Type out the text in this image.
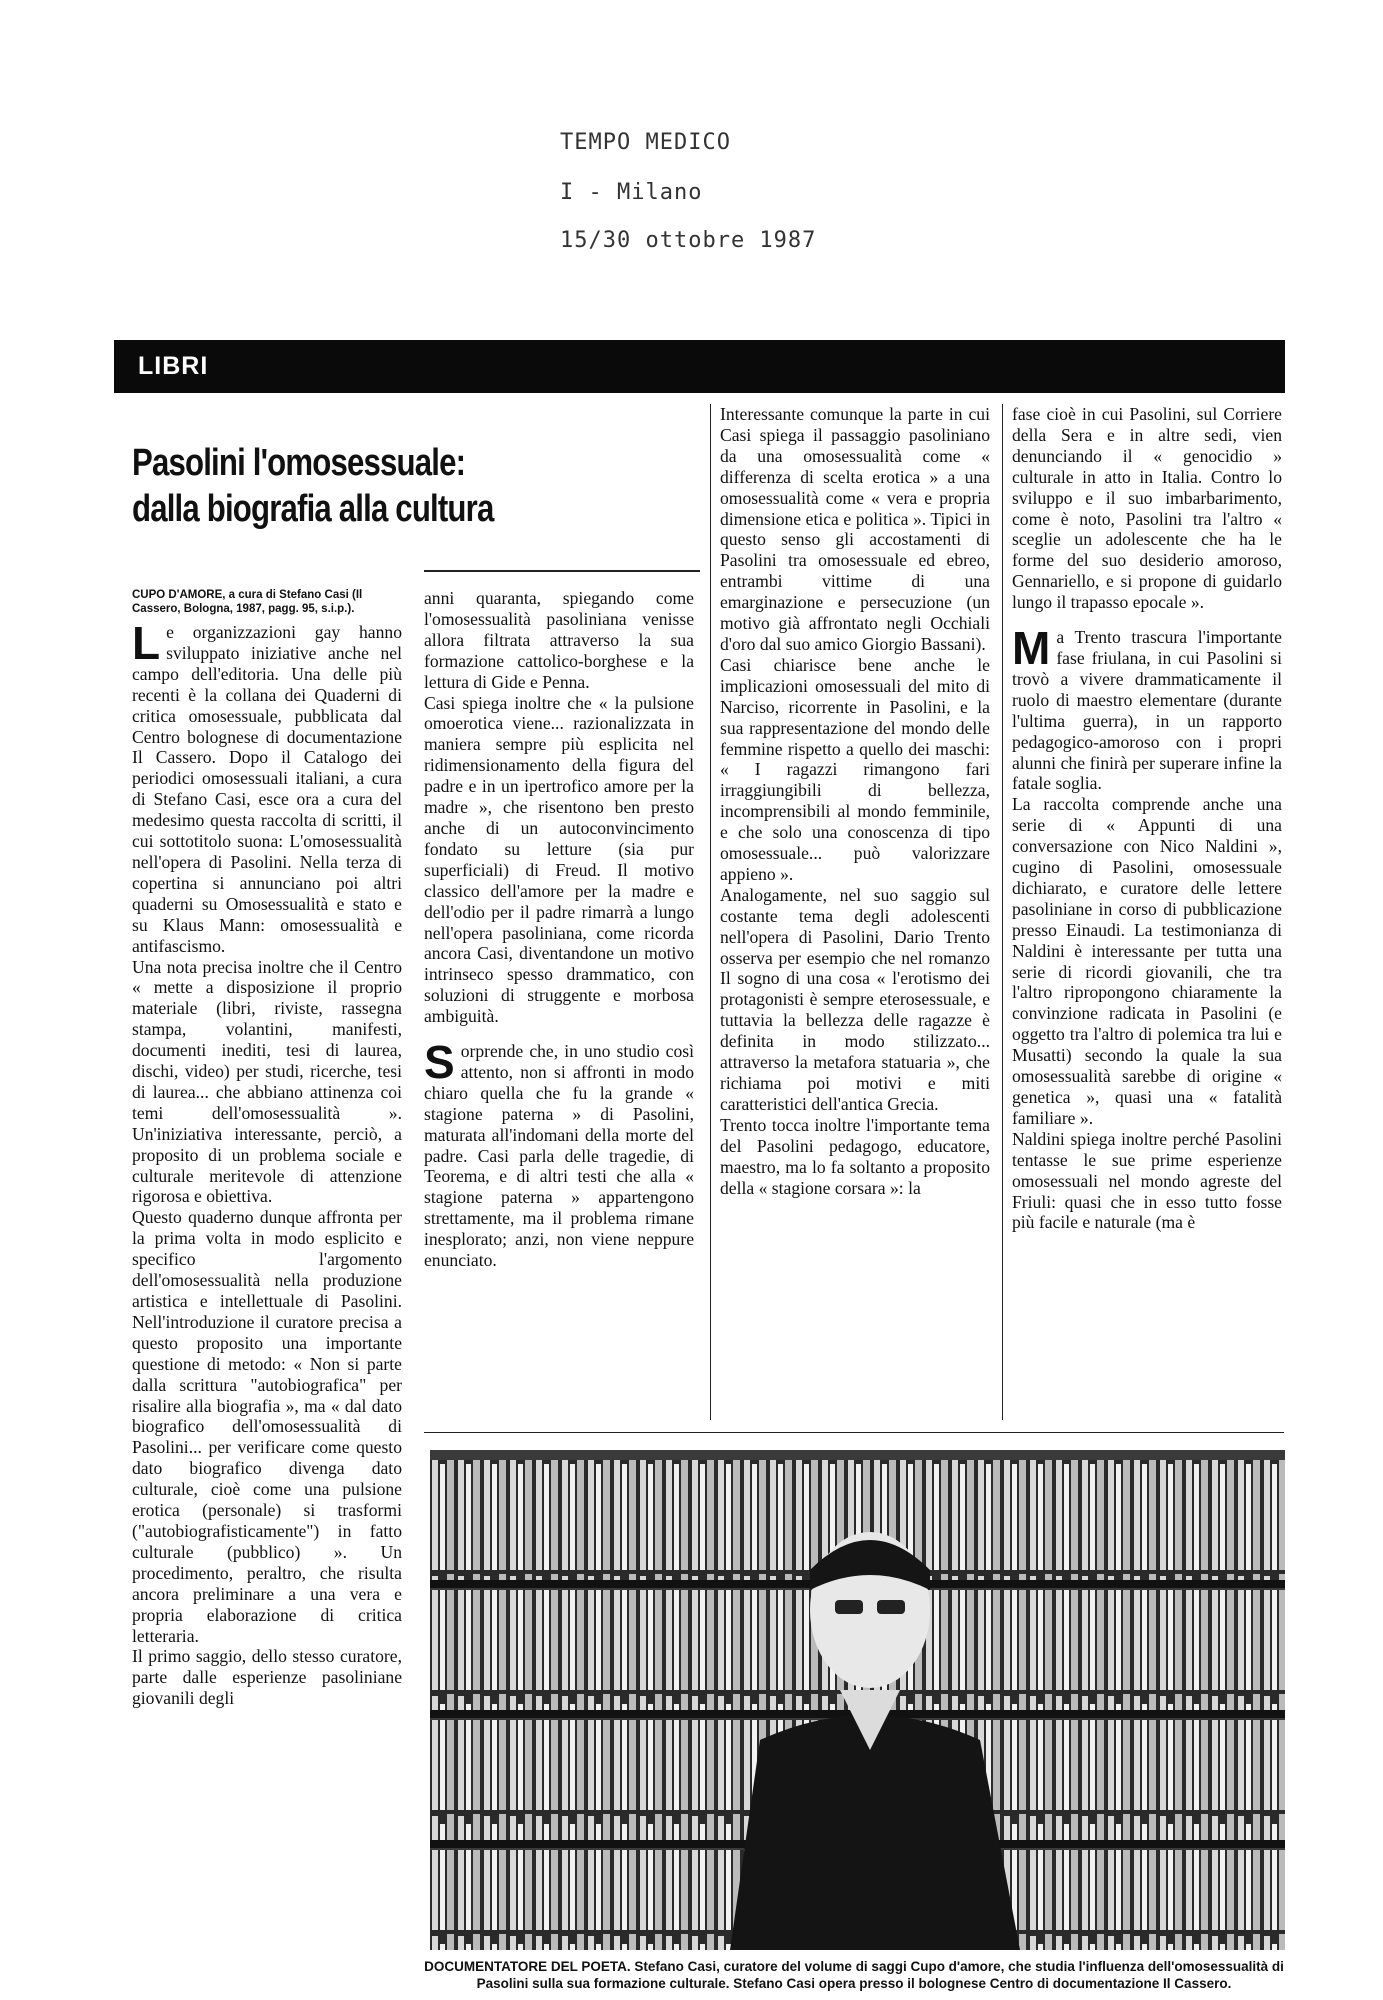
TEMPO MEDICO
I - Milano
15/30 ottobre 1987
LIBRI
Pasolini l'omosessuale:
dalla biografia alla cultura

CUPO D'AMORE, a cura di Stefano Casi (Il Cassero, Bologna, 1987, pagg. 95, s.i.p.).

Le organizzazioni gay hanno sviluppato iniziative anche nel campo dell'editoria. Una delle più recenti è la collana dei Quaderni di critica omosessuale, pubblicata dal Centro bolognese di documentazione Il Cassero. Dopo il Catalogo dei periodici omosessuali italiani, a cura di Stefano Casi, esce ora a cura del medesimo questa raccolta di scritti, il cui sottotitolo suona: L'omosessualità nell'opera di Pasolini. Nella terza di copertina si annunciano poi altri quaderni su Omosessualità e stato e su Klaus Mann: omosessualità e antifascismo.

Una nota precisa inoltre che il Centro « mette a disposizione il proprio materiale (libri, riviste, rassegna stampa, volantini, manifesti, documenti inediti, tesi di laurea, dischi, video) per studi, ricerche, tesi di laurea... che abbiano attinenza coi temi dell'omosessualità ». Un'iniziativa interessante, perciò, a proposito di un problema sociale e culturale meritevole di attenzione rigorosa e obiettiva.

Questo quaderno dunque affronta per la prima volta in modo esplicito e specifico l'argomento dell'omosessualità nella produzione artistica e intellettuale di Pasolini. Nell'introduzione il curatore precisa a questo proposito una importante questione di metodo: « Non si parte dalla scrittura "autobiografica" per risalire alla biografia », ma « dal dato biografico dell'omosessualità di Pasolini... per verificare come questo dato biografico divenga dato culturale, cioè come una pulsione erotica (personale) si trasformi ("autobiografisticamente") in fatto culturale (pubblico) ». Un procedimento, peraltro, che risulta ancora preliminare a una vera e propria elaborazione di critica letteraria.

Il primo saggio, dello stesso curatore, parte dalle esperienze pasoliniane giovanili degli

anni quaranta, spiegando come l'omosessualità pasoliniana venisse allora filtrata attraverso la sua formazione cattolico-borghese e la lettura di Gide e Penna.

Casi spiega inoltre che « la pulsione omoerotica viene... razionalizzata in maniera sempre più esplicita nel ridimensionamento della figura del padre e in un ipertrofico amore per la madre », che risentono ben presto anche di un autoconvincimento fondato su letture (sia pur superficiali) di Freud. Il motivo classico dell'amore per la madre e dell'odio per il padre rimarrà a lungo nell'opera pasoliniana, come ricorda ancora Casi, diventandone un motivo intrinseco spesso drammatico, con soluzioni di struggente e morbosa ambiguità.

Sorprende che, in uno studio così attento, non si affronti in modo chiaro quella che fu la grande « stagione paterna » di Pasolini, maturata all'indomani della morte del padre. Casi parla delle tragedie, di Teorema, e di altri testi che alla « stagione paterna » appartengono strettamente, ma il problema rimane inesplorato; anzi, non viene neppure enunciato.

Interessante comunque la parte in cui Casi spiega il passaggio pasoliniano da una omosessualità come « differenza di scelta erotica » a una omosessualità come « vera e propria dimensione etica e politica ». Tipici in questo senso gli accostamenti di Pasolini tra omosessuale ed ebreo, entrambi vittime di una emarginazione e persecuzione (un motivo già affrontato negli Occhiali d'oro dal suo amico Giorgio Bassani).

Casi chiarisce bene anche le implicazioni omosessuali del mito di Narciso, ricorrente in Pasolini, e la sua rappresentazione del mondo delle femmine rispetto a quello dei maschi: « I ragazzi rimangono fari irraggiungibili di bellezza, incomprensibili al mondo femminile, e che solo una conoscenza di tipo omosessuale... può valorizzare appieno ».

Analogamente, nel suo saggio sul costante tema degli adolescenti nell'opera di Pasolini, Dario Trento osserva per esempio che nel romanzo Il sogno di una cosa « l'erotismo dei protagonisti è sempre eterosessuale, e tuttavia la bellezza delle ragazze è definita in modo stilizzato... attraverso la metafora statuaria », che richiama poi motivi e miti caratteristici dell'antica Grecia.

Trento tocca inoltre l'importante tema del Pasolini pedagogo, educatore, maestro, ma lo fa soltanto a proposito della « stagione corsara »: la

fase cioè in cui Pasolini, sul Corriere della Sera e in altre sedi, vien denunciando il « genocidio » culturale in atto in Italia. Contro lo sviluppo e il suo imbarbarimento, come è noto, Pasolini tra l'altro « sceglie un adolescente che ha le forme del suo desiderio amoroso, Gennariello, e si propone di guidarlo lungo il trapasso epocale ».

Ma Trento trascura l'importante fase friulana, in cui Pasolini si trovò a vivere drammaticamente il ruolo di maestro elementare (durante l'ultima guerra), in un rapporto pedagogico-amoroso con i propri alunni che finirà per superare infine la fatale soglia.

La raccolta comprende anche una serie di « Appunti di una conversazione con Nico Naldini », cugino di Pasolini, omosessuale dichiarato, e curatore delle lettere pasoliniane in corso di pubblicazione presso Einaudi. La testimonianza di Naldini è interessante per tutta una serie di ricordi giovanili, che tra l'altro ripropongono chiaramente la convinzione radicata in Pasolini (e oggetto tra l'altro di polemica tra lui e Musatti) secondo la quale la sua omosessualità sarebbe di origine « genetica », quasi una « fatalità familiare ».

Naldini spiega inoltre perché Pasolini tentasse le sue prime esperienze omosessuali nel mondo agreste del Friuli: quasi che in esso tutto fosse più facile e naturale (ma è

DOCUMENTATORE DEL POETA. Stefano Casi, curatore del volume di saggi Cupo d'amore, che studia l'influenza dell'omosessualità di Pasolini sulla sua formazione culturale. Stefano Casi opera presso il bolognese Centro di documentazione Il Cassero.
